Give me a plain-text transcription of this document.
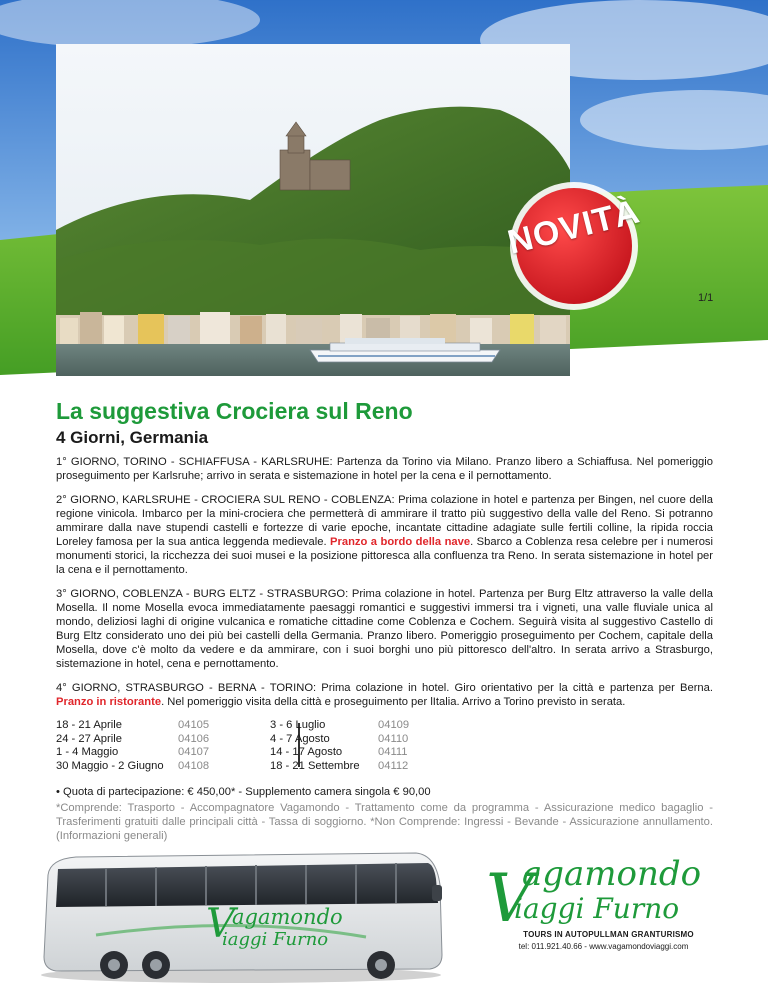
NOVITÀ
1/1
La suggestiva Crociera sul Reno
4 Giorni, Germania

1° GIORNO, TORINO - SCHIAFFUSA - KARLSRUHE: Partenza da Torino via Milano. Pranzo libero a Schiaffusa. Nel pomeriggio proseguimento per Karlsruhe; arrivo in serata e sistemazione in hotel per la cena e il pernottamento.

2° GIORNO, KARLSRUHE - CROCIERA SUL RENO - COBLENZA: Prima colazione in hotel e partenza per Bingen, nel cuore della regione vinicola. Imbarco per la mini-crociera che permetterà di ammirare il tratto più suggestivo della valle del Reno. Si potranno ammirare dalla nave stupendi castelli e fortezze di varie epoche, incantate cittadine adagiate sulle fertili colline, la ripida roccia Loreley famosa per la sua antica leggenda medievale. Pranzo a bordo della nave. Sbarco a Coblenza resa celebre per i numerosi monumenti storici, la ricchezza dei suoi musei e la posizione pittoresca alla confluenza tra Reno. In serata sistemazione in hotel per la cena e il pernottamento.

3° GIORNO, COBLENZA - BURG ELTZ - STRASBURGO: Prima colazione in hotel. Partenza per Burg Eltz attraverso la valle della Mosella. Il nome Mosella evoca immediatamente paesaggi romantici e suggestivi immersi tra i vigneti, una valle fluviale unica al mondo, deliziosi laghi di origine vulcanica e romatiche cittadine come Coblenza e Cochem. Seguirà visita al suggestivo Castello di Burg Eltz considerato uno dei più bei castelli della Germania. Pranzo libero. Pomeriggio proseguimento per Cochem, capitale della Mosella, dove c'è molto da vedere e da ammirare, con i suoi borghi uno più pittoresco dell'altro. In serata arrivo a Strasburgo, sistemazione in hotel, cena e pernottamento.

4° GIORNO, STRASBURGO - BERNA - TORINO: Prima colazione in hotel. Giro orientativo per la città e partenza per Berna. Pranzo in ristorante. Nel pomeriggio visita della città e proseguimento per lItalia. Arrivo a Torino previsto in serata.

18 - 21 Aprile
24 - 27 Aprile
1 - 4 Maggio
30 Maggio - 2 Giugno
04105
04106
04107
04108
3 - 6 Luglio
4 - 7 Agosto
14 - 17 Agosto
18 - 21 Settembre
04109
04110
04111
04112
• Quota di partecipazione: € 450,00* - Supplemento camera singola € 90,00
*Comprende: Trasporto - Accompagnatore Vagamondo - Trattamento come da programma - Assicurazione medico bagaglio - Trasferimenti gratuiti dalle principali città - Tassa di soggiorno. *Non Comprende: Ingressi - Bevande - Assicurazione annullamento. (Informazioni generali)
V
agamondo
iaggi Furno
V
agamondo
iaggi Furno
TOURS IN AUTOPULLMAN GRANTURISMO
tel: 011.921.40.66 - www.vagamondoviaggi.com
